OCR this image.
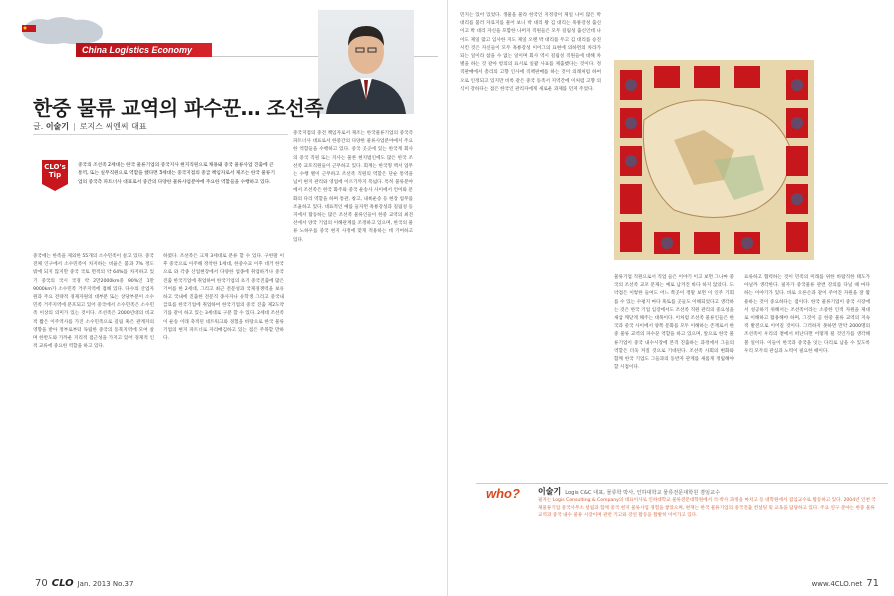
China Logistics Economy
한중 물류 교역의 파수꾼… 조선족
글. 이술기 | 로지스 씨엔씨 대표
CLO's
Tip
중국의 조선족 2세대는 한국 물류기업의 중국지사 현지직원으로 채용돼 중국 물류사업 진출에 큰 통역, 또는 실무직원으로 역할을 했다면 3세대는 중국지점의 중급 책임자로서 제조는 한국 물류기업의 중국측 파트너사 대표로서 중간의 다양한 물류사업분야에 주요한 역할들을 수행하고 있다.
중국에는 한족을 제외한 55개의 소수민족이 살고 있다. 중국 전체 인구에서 소수민족이 차지하는 비율은 불과 7% 정도 밖에 되지 않지만 중국 국토 면적의 약 64%를 차지하고 있기 중국의 국시 국경 약 2만2000km중 90%인 1만 9000km가 소수민족 거주지역에 접해 있다. 다수의 산업자원과 주요 전략적 경제자원의 대부분 또는 상당부분이 소수민족 거주지역에 분포되고 있어 중국에서 소수민족은 소수민족 이상의 의미가 있는 것이다. 조선족은 2000년대의 비교적 짧은 이주역사를 가진 소수민족으로 길림 혹은 관계자의 영향을 받아 정부로부터 독립한 중국의 동북지역에 모여 살며 한반도와 가까운 지리적 접근성을 가지고 있어 경제적 인적 교류에 중요한 역할을 하고 있다.
하였다. 조선족은 크게 3세대로 분류 할 수 있다. 구한말 이후 중국으로 이주해 정착한 1세대, 한중수교 이후 대거 한국으로 와 각종 산업현장에서 다양한 업종에 취업하거나 중국진출 한국기업에 취업하여 한국기업의 초기 중국진출에 많은 기여를 한 2세대, 그리고 최근 전문성과 국제경쟁력을 보유하고 국내에 진출한 전문직 종사자나 유학생 그리고 중국내 급료를 한국기업에 취업하여 한국기업의 중국 진출 제2도약기를 같이 하고 있는 3세대로 구분 할 수 있다. 2세대 조선족이 운송 이래 축적된 네트워크와 경험을 바탕으로 한국 물류기업의 현지 파트너로 자리매김하고 있는 점은 주목할 만하다.
중국지점의 중견 책임자로서 제조는 한국물류기업의 중국측 파트너사 대표로서 한중간의 다양한 물류사업분야에서 주요한 역할들을 수행하고 있다. 중국 곳곳에 있는 한국계 회사의 중국 직원 또는 지사는 물론 현지법인에도 많은 한국 조선족 교포직원들이 근무하고 있다. 회계는 한국형 맥서 업무는 수행 별이 근무하고 조선족 직원의 역할은 단순 통역을 넘어 현지 관리와 영업에 이르기까지 폭넓다. 특히 물류분야에서 조선족은 한국 화주와 중국 운송사 사이에서 언어와 문화의 다리 역할을 하며 통관, 창고, 내륙운송 등 현장 업무를 조율하고 있다. 대표적인 예를 들자면 흑룡강성과 길림성 등지에서 활동하는 많은 조선족 물류인들이 한중 교역의 최전선에서 양국 기업의 이해관계를 조정하고 있으며, 한국의 물류 노하우를 중국 현지 사정에 맞게 적용하는 데 기여하고 있다.
70 CLO Jan. 2013 No.37
민지는 있어 있었다. 생물을 물라 한국인 지정장이 제일 나이 많은 박 대리를 불러 자료지를 물어 보니 박 대리 왕 김 대리는 흑룡강성 출신이고 박 대리 자신을 포함한 나머지 직원들은 모두 길림성 출신인데 나이도 제일 많고 입사한 지도 제일 오랜 박 대리를 두고 김 대리를 승진 시킨 것은 자신들이 모두 흑룡강성 이어그의 표현에 의하면의 차라가 되는 일이라 참을 수 없는 일이며 회사 역시 길림성 직원들에 대해 차별을 하는 것 같아 항의의 표시로 일괄 사표를 제출했다는 것이다. 정직판매에서 총리의 고향 인사에 직책판매를 하는 것이 의례처럼 하여 오로 인정되고 있지만 비록 같은 중국 동족서 지역간에 이처럼 고향 의식이 강하다는 점은 한국인 관리자에게 새로운 과제를 던져 주었다.
물류기업 직원으로서 직업 들은 이야기 이고 보면 그나마 중국의 조선족 교포 문제는 예로 남겨진 바다 하지 않았다. 도약점은 이렇한 들여도 어느 쪽곳이 정말 보면 이 인주 기회를 수 있는 수평지 마다 흑토를 곳들도 이해되었다고 생각하는 것은 한국 기업 입장에서도 조선족 직원 관리의 중요성을 새삼 깨닫게 해주는 대목이다. 이처럼 조선족 물류인들은 한국과 중국 사이에서 양쪽 문화를 모두 이해하는 존재로서 한중 물류 교역의 파수꾼 역할을 하고 있으며, 앞으로 한국 물류기업이 중국 내수시장에 본격 진출하는 과정에서 그들의 역할은 더욱 커질 것으로 기대된다. 조선족 사회의 변화와 함께 한국 기업도 그들과의 동반자 관계를 새롭게 정립해야 할 시점이다.
표류하고 협력하는 것이 민족의 미래를 위한 바람직한 태도가 아닐까 생각한다. 필자가 중국물류 관련 강의를 다닐 때 마다 하는 이야기가 있다. 바로 오른손과 같이 주어진 자원을 잘 활용하는 것이 중요하다는 점이다. 한국 물류기업이 중국 시장에서 성공하기 위해서는 조선족이라는 소중한 인적 자원을 제대로 이해하고 활용해야 하며, 그것이 곧 한중 물류 교역의 지속적 발전으로 이어질 것이다. 그러하지 못하면 만약 2000명의 조선족이 우리의 곁에서 떠난다면 어떻게 될 것인가를 생각해 볼 일이다. 이들이 한국과 중국을 잇는 다리로 남을 수 있도록 우리 모두의 관심과 노력이 필요한 때이다.
who? 이술기 Logis C&C 대표, 물류학 박사, 인하대학교 물류전문대학원 겸임교수
필자는 Logis Consulting & Company의 대표이사로 인하대학교 물류전문대학원에서 석·박사 과정을 마치고 동 대학원에서 겸임교수로 활동하고 있다. 2004년 인천 국제물류기업 중국사무소 설립과 함께 중국 현지 물류사업 경험을 쌓았으며, 현재는 한국 물류기업의 중국진출 컨설팅 및 교육을 담당하고 있다. 주요 연구 분야는 한중 물류 교역과 중국 내수 물류 시장이며 관련 기고와 강연 활동을 활발히 이어가고 있다.
www.4CLO.net 71
